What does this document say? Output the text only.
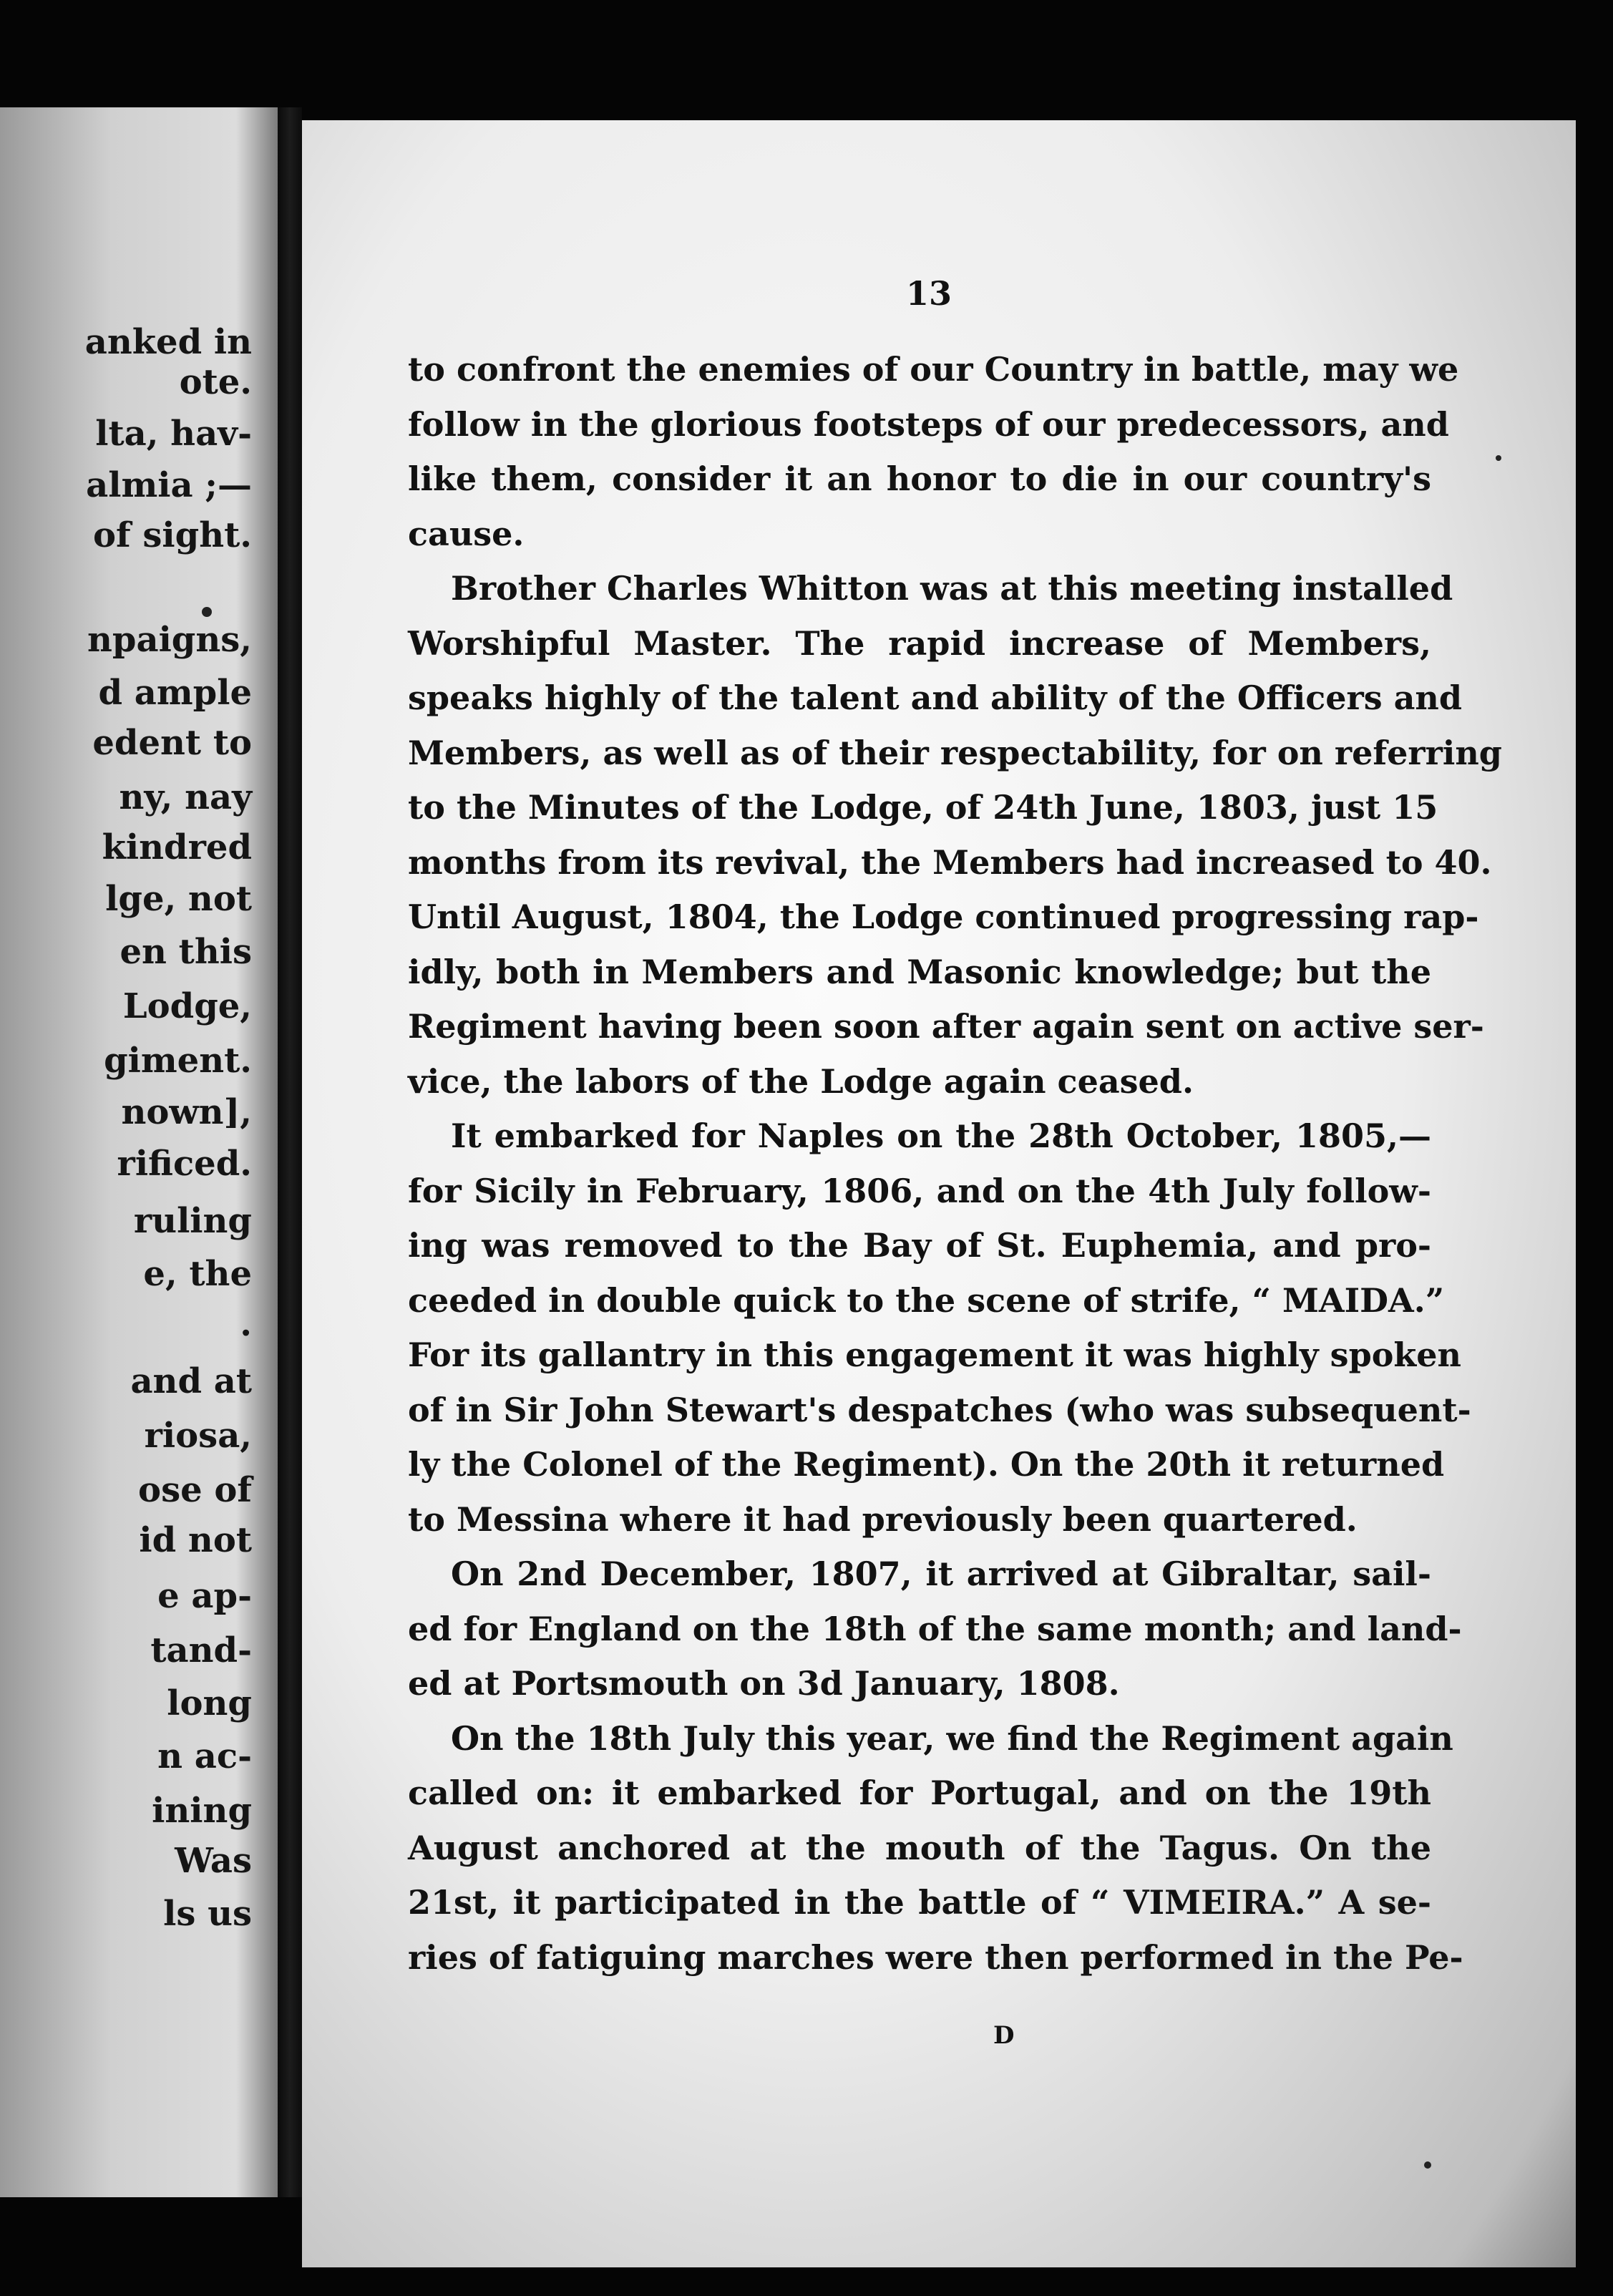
anked in
ote.
lta, hav-
almia ;—
of sight.
npaigns,
d ample
edent to
ny, nay
kindred
lge, not
en this
Lodge,
giment.
nown],
rificed.
ruling
e, the
.
and at
riosa,
ose of
id not
e ap-
tand-
long
n ac-
ining
Was
ls us
13
to confront the enemies of our Country in battle, may we
follow in the glorious footsteps of our predecessors, and
like them, consider it an honor to die in our country's
cause.
Brother Charles Whitton was at this meeting installed
Worshipful Master. The rapid increase of Members,
speaks highly of the talent and ability of the Officers and
Members, as well as of their respectability, for on referring
to the Minutes of the Lodge, of 24th June, 1803, just 15
months from its revival, the Members had increased to 40.
Until August, 1804, the Lodge continued progressing rap-
idly, both in Members and Masonic knowledge; but the
Regiment having been soon after again sent on active ser-
vice, the labors of the Lodge again ceased.
It embarked for Naples on the 28th October, 1805,—
for Sicily in February, 1806, and on the 4th July follow-
ing was removed to the Bay of St. Euphemia, and pro-
ceeded in double quick to the scene of strife, “ MAIDA.”
For its gallantry in this engagement it was highly spoken
of in Sir John Stewart's despatches (who was subsequent-
ly the Colonel of the Regiment). On the 20th it returned
to Messina where it had previously been quartered.
On 2nd December, 1807, it arrived at Gibraltar, sail-
ed for England on the 18th of the same month; and land-
ed at Portsmouth on 3d January, 1808.
On the 18th July this year, we find the Regiment again
called on: it embarked for Portugal, and on the 19th
August anchored at the mouth of the Tagus. On the
21st, it participated in the battle of “ VIMEIRA.” A se-
ries of fatiguing marches were then performed in the Pe-
D
